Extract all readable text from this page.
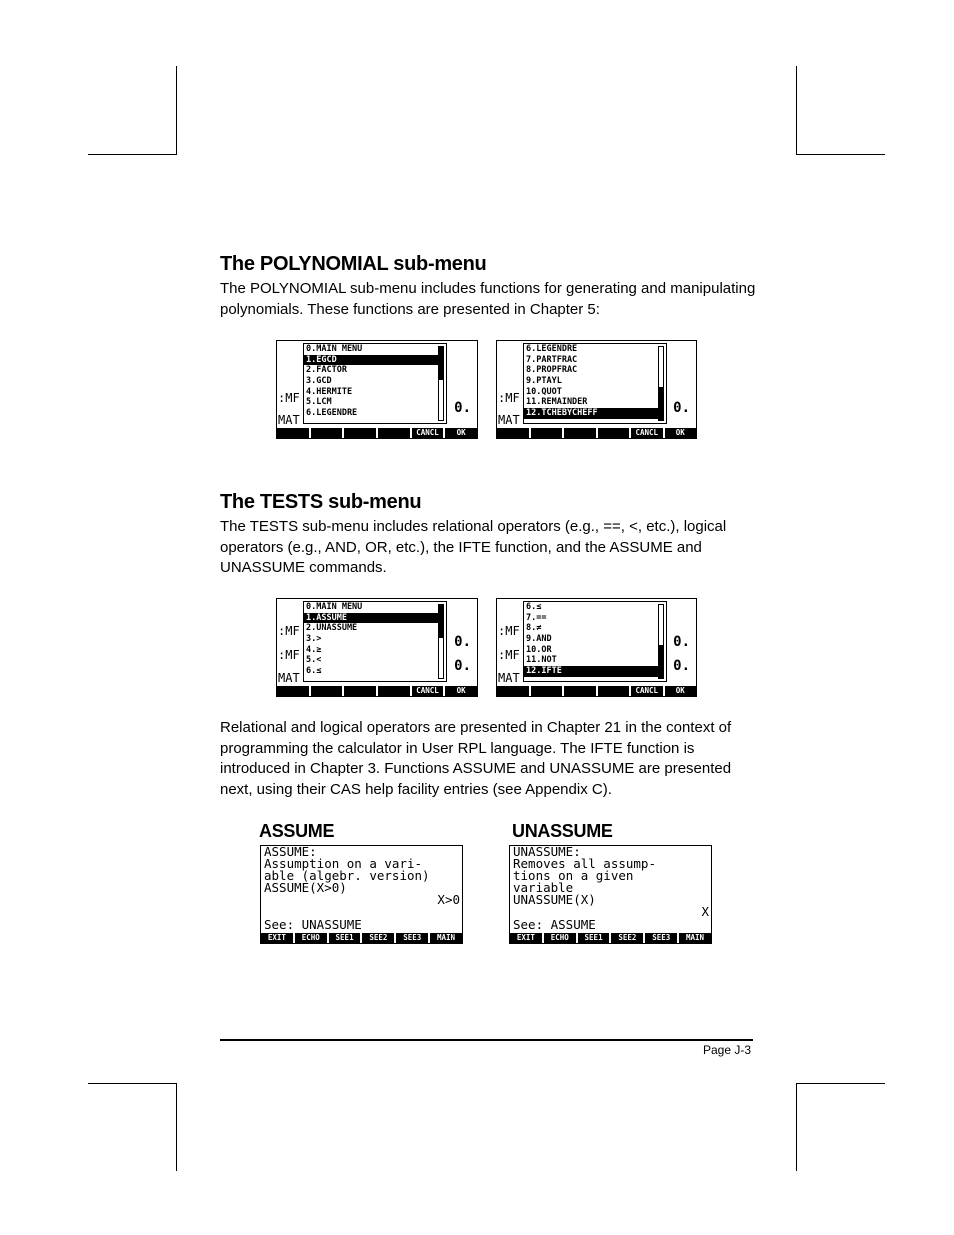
The POLYNOMIAL sub-menu

The POLYNOMIAL sub-menu includes functions for generating and manipulating polynomials. These functions are presented in Chapter 5:

:MF
MAT
0.
0.MAIN MENU
1.EGCD
2.FACTOR
3.GCD
4.HERMITE
5.LCM
6.LEGENDRE
CANCL	OK
:MF
MAT
0.
6.LEGENDRE
7.PARTFRAC
8.PROPFRAC
9.PTAYL
10.QUOT
11.REMAINDER
12.TCHEBYCHEFF
CANCL	OK
The TESTS sub-menu

The TESTS sub-menu includes relational operators (e.g., ==, <, etc.), logical operators (e.g., AND, OR, etc.), the IFTE function, and the ASSUME and UNASSUME commands.

:MF
:MF
MAT
0.
0.
0.MAIN MENU
1.ASSUME
2.UNASSUME
3.>
4.≥
5.<
6.≤
CANCL	OK
:MF
:MF
MAT
0.
0.
6.≤
7.==
8.≠
9.AND
10.OR
11.NOT
12.IFTE
CANCL	OK

Relational and logical operators are presented in Chapter 21 in the context of programming the calculator in User RPL language. The IFTE function is introduced in Chapter 3. Functions ASSUME and UNASSUME are presented next, using their CAS help facility entries (see Appendix C).

ASSUME	UNASSUME
ASSUME:
Assumption on a vari-
able (algebr. version)
ASSUME(X>0)
X>0
See: UNASSUME
EXIT	ECHO	SEE1	SEE2	SEE3	MAIN
UNASSUME:
Removes all assump-
tions on a given
variable
UNASSUME(X)
X
See: ASSUME
EXIT	ECHO	SEE1	SEE2	SEE3	MAIN
Page J-3
